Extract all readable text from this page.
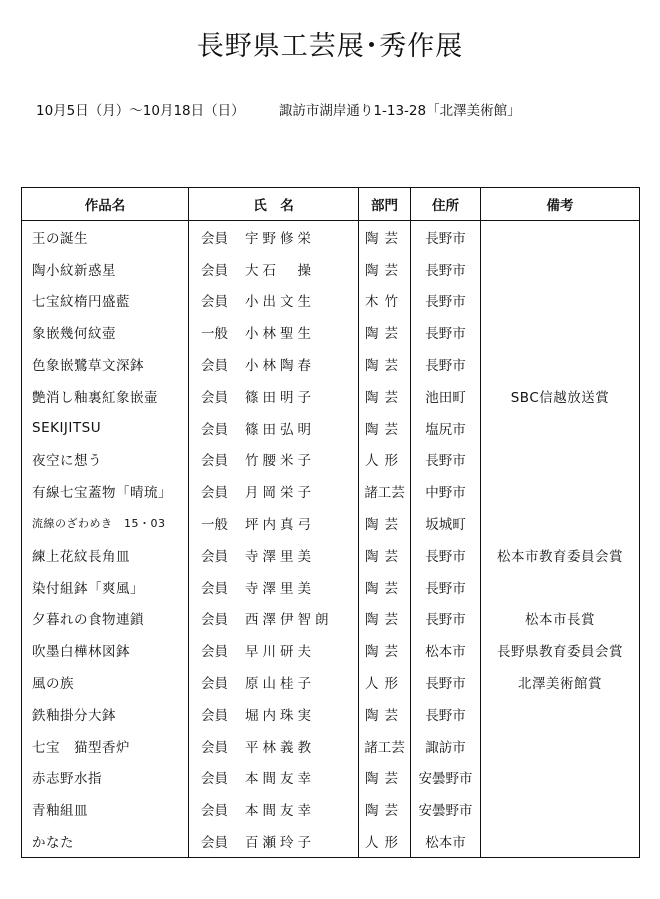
長野県工芸展･秀作展
10月5日（月）～10月18日（日）	諏訪市湖岸通り1-13-28「北澤美術館」
作品名	氏　名	部門	住所	備考
王の誕生	会員 宇野修栄	陶芸	長野市	
陶小紋新惑星	会員 大石　操	陶芸	長野市	
七宝紋楕円盛藍	会員 小出文生	木竹	長野市	
象嵌幾何紋壺	一般 小林聖生	陶芸	長野市	
色象嵌鷺草文深鉢	会員 小林陶春	陶芸	長野市	
艶消し釉裏紅象嵌壷	会員 篠田明子	陶芸	池田町	SBC信越放送賞
SEKIJITSU	会員 篠田弘明	陶芸	塩尻市	
夜空に想う	会員 竹腰米子	人形	長野市	
有線七宝蓋物「晴琉」	会員 月岡栄子	諸工芸	中野市	
流線のざわめき　15・03	一般 坪内真弓	陶芸	坂城町	
練上花紋長角皿	会員 寺澤里美	陶芸	長野市	松本市教育委員会賞
染付組鉢「爽風」	会員 寺澤里美	陶芸	長野市	
夕暮れの食物連鎖	会員 西澤伊智朗	陶芸	長野市	松本市長賞
吹墨白樺林図鉢	会員 早川研夫	陶芸	松本市	長野県教育委員会賞
風の族	会員 原山桂子	人形	長野市	北澤美術館賞
鉄釉掛分大鉢	会員 堀内珠実	陶芸	長野市	
七宝　猫型香炉	会員 平林義教	諸工芸	諏訪市	
赤志野水指	会員 本間友幸	陶芸	安曇野市	
青釉組皿	会員 本間友幸	陶芸	安曇野市	
かなた	会員 百瀬玲子	人形	松本市	
